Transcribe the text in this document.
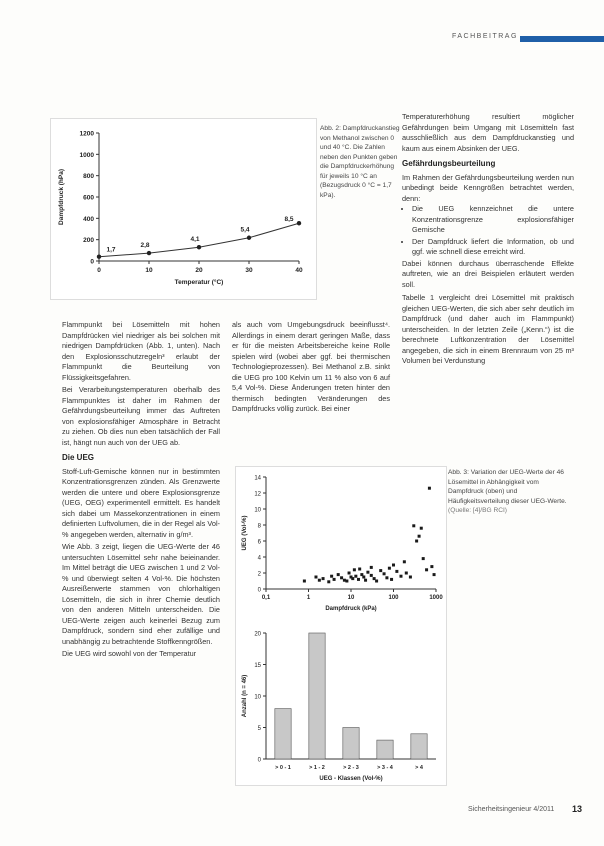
FACHBEITRAG
0
200
400
600
800
1000
1200
0	10	20	30	40
Temperatur (°C)
Dampfdruck (hPa)
1,7
2,8
4,1
5,4
8,5
Abb. 2: Dampfdruckanstieg von Methanol zwischen 0 und 40 °C. Die Zahlen neben den Punkten geben die Dampfdruckerhöhung für jeweils 10 °C an (Bezugsdruck 0 °C = 1,7 kPa).

Temperaturerhöhung resultiert möglicher Gefährdungen beim Umgang mit Lösemitteln fast ausschließlich aus dem Dampfdruckanstieg und kaum aus einem Absinken der UEG.

Gefährdungsbeurteilung

Im Rahmen der Gefährdungsbeurteilung werden nun unbedingt beide Kenngrößen betrachtet werden, denn:

• Die UEG kennzeichnet die untere Konzentrationsgrenze explosionsfähiger Gemische
• Der Dampfdruck liefert die Information, ob und ggf. wie schnell diese erreicht wird.

Dabei können durchaus überraschende Effekte auftreten, wie an drei Beispielen erläutert werden soll.

Tabelle 1 vergleicht drei Lösemittel mit praktisch gleichen UEG-Werten, die sich aber sehr deutlich im Dampfdruck (und daher auch im Flammpunkt) unterscheiden. In der letzten Zeile („Kenn.“) ist die berechnete Luftkonzentration der Lösemittel angegeben, die sich in einem Brennraum von 25 m³ Volumen bei Verdunstung

Flammpunkt bei Lösemitteln mit hohen Dampfdrücken viel niedriger als bei solchen mit niedrigen Dampfdrücken (Abb. 1, unten). Nach den Explosionsschutzregeln³ erlaubt der Flammpunkt die Beurteilung von Flüssigkeitsgefahren.

Bei Verarbeitungstemperaturen oberhalb des Flammpunktes ist daher im Rahmen der Gefährdungsbeurteilung immer das Auftreten von explosionsfähiger Atmosphäre in Betracht zu ziehen. Ob dies nun eben tatsächlich der Fall ist, hängt nun auch von der UEG ab.

Die UEG

Stoff-Luft-Gemische können nur in bestimmten Konzentrationsgrenzen zünden. Als Grenzwerte werden die untere und obere Explosionsgrenze (UEG, OEG) experimentell ermittelt. Es handelt sich dabei um Massekonzentrationen in einem definierten Luftvolumen, die in der Regel als Vol-% angegeben werden, alternativ in g/m³.

Wie Abb. 3 zeigt, liegen die UEG-Werte der 46 untersuchten Lösemittel sehr nahe beieinander. Im Mittel beträgt die UEG zwischen 1 und 2 Vol-% und überwiegt selten 4 Vol-%. Die höchsten Ausreißerwerte stammen von chlorhaltigen Lösemitteln, die sich in ihrer Chemie deutlich von den anderen Mitteln unterscheiden. Die UEG-Werte zeigen auch keinerlei Bezug zum Dampfdruck, sondern sind eher zufällige und unabhängig zu betrachtende Stoffkenngrößen.

Die UEG wird sowohl von der Temperatur

als auch vom Umgebungsdruck beeinflusst⁴. Allerdings in einem derart geringen Maße, dass er für die meisten Arbeitsbereiche keine Rolle spielen wird (wobei aber ggf. bei thermischen Technologieprozessen). Bei Methanol z.B. sinkt die UEG pro 100 Kelvin um 11 % also von 6 auf 5,4 Vol-%. Diese Änderungen treten hinter den thermisch bedingten Veränderungen des Dampfdrucks völlig zurück. Bei einer

0
2
4
6
8
10
12
14
0,1	1	10	100	1000
Dampfdruck (kPa)
UEG (Vol-%)
0
5
10
15
20
> 0 - 1	> 1 - 2	> 2 - 3	> 3 - 4	> 4
UEG - Klassen (Vol-%)
Anzahl (n = 46)
Abb. 3: Variation der UEG-Werte der 46 Lösemittel in Abhängigkeit vom Dampfdruck (oben) und Häufigkeitsverteilung dieser UEG-Werte. (Quelle: [4]/BG RCI)
Sicherheitsingenieur 4/2011 13
